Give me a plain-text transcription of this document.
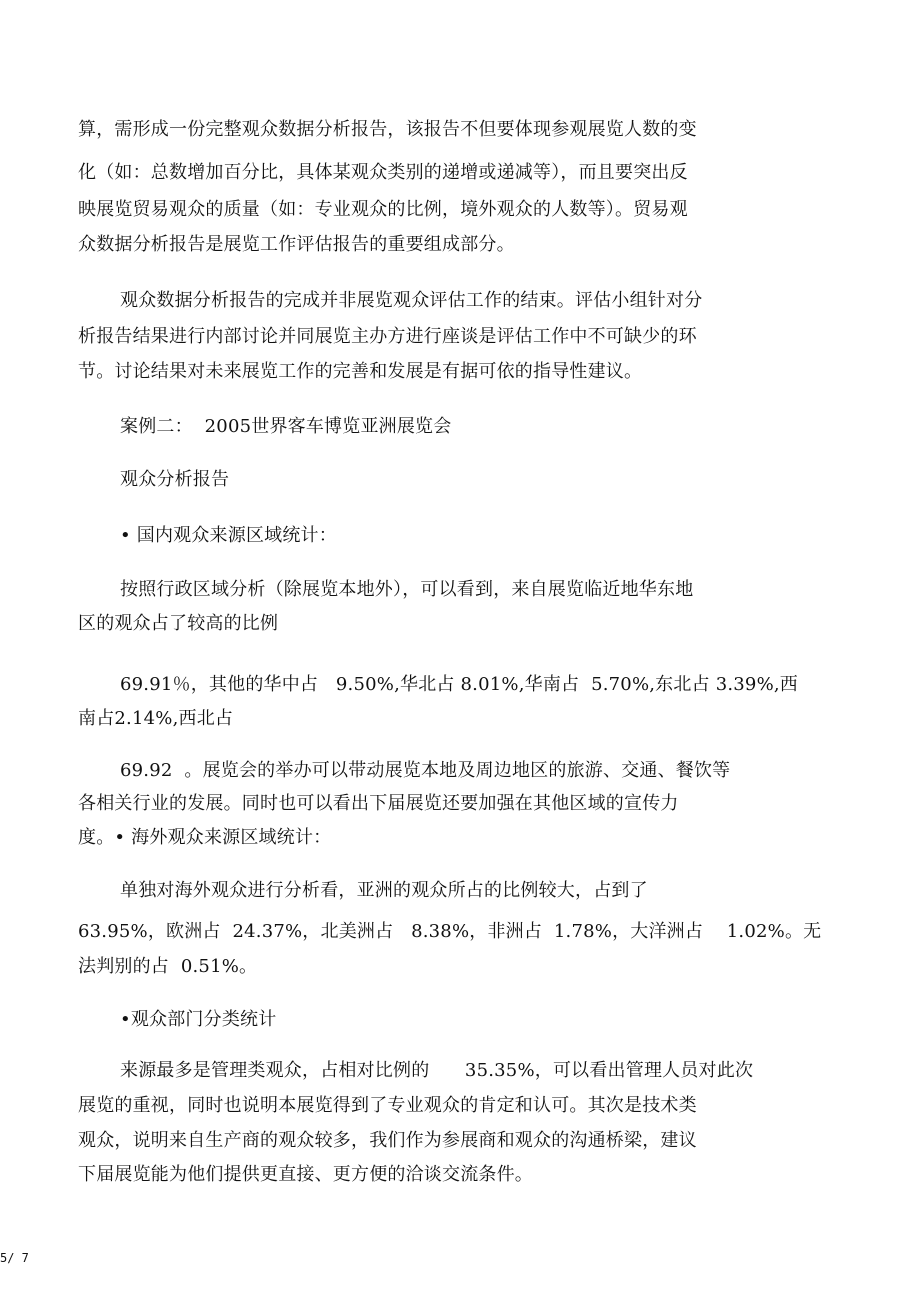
算，需形成一份完整观众数据分析报告，该报告不但要体现参观展览人数的变
化（如：总数增加百分比，具体某观众类别的递增或递减等），而且要突出反
映展览贸易观众的质量（如：专业观众的比例，境外观众的人数等）。贸易观
众数据分析报告是展览工作评估报告的重要组成部分。
观众数据分析报告的完成并非展览观众评估工作的结束。评估小组针对分
析报告结果进行内部讨论并同展览主办方进行座谈是评估工作中不可缺少的环
节。讨论结果对未来展览工作的完善和发展是有据可依的指导性建议。
案例二：  2005世界客车博览亚洲展览会
观众分析报告
• 国内观众来源区域统计：
按照行政区域分析（除展览本地外），可以看到，来自展览临近地华东地
区的观众占了较高的比例
69.91％，其他的华中占   9.50%,华北占 8.01%,华南占  5.70%,东北占 3.39%,西
南占2.14%,西北占
69.92  。展览会的举办可以带动展览本地及周边地区的旅游、交通、餐饮等
各相关行业的发展。同时也可以看出下届展览还要加强在其他区域的宣传力
度。• 海外观众来源区域统计：
单独对海外观众进行分析看，亚洲的观众所占的比例较大，占到了
63.95%，欧洲占  24.37%，北美洲占   8.38%，非洲占  1.78%，大洋洲占    1.02%。无
法判别的占  0.51%。
•观众部门分类统计
来源最多是管理类观众，占相对比例的      35.35%，可以看出管理人员对此次
展览的重视，同时也说明本展览得到了专业观众的肯定和认可。其次是技术类
观众，说明来自生产商的观众较多，我们作为参展商和观众的沟通桥梁，建议
下届展览能为他们提供更直接、更方便的洽谈交流条件。
5/ 7
